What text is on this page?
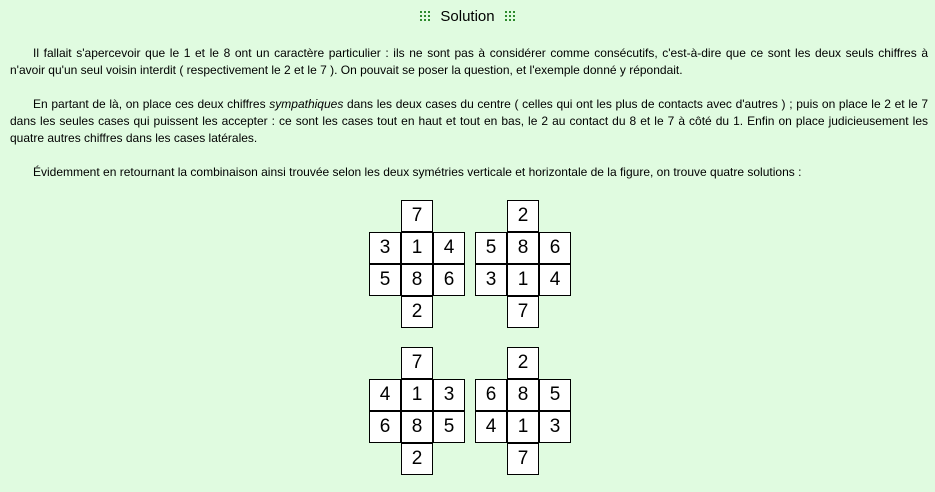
Solution

Il fallait s'apercevoir que le 1 et le 8 ont un caractère particulier : ils ne sont pas à considérer comme consécutifs, c'est-à-dire que ce sont les deux seuls chiffres à n'avoir qu'un seul voisin interdit ( respectivement le 2 et le 7 ). On pouvait se poser la question, et l'exemple donné y répondait.

En partant de là, on place ces deux chiffres sympathiques dans les deux cases du centre ( celles qui ont les plus de contacts avec d'autres ) ; puis on place le 2 et le 7 dans les seules cases qui puissent les accepter : ce sont les cases tout en haut et tout en bas, le 2 au contact du 8 et le 7 à côté du 1. Enfin on place judicieusement les quatre autres chiffres dans les cases latérales.

Évidemment en retournant la combinaison ainsi trouvée selon les deux symétries verticale et horizontale de la figure, on trouve quatre solutions :

7
3	1	4
5	8	6
2
2
5	8	6
3	1	4
7
7
4	1	3
6	8	5
2
2
6	8	5
4	1	3
7
